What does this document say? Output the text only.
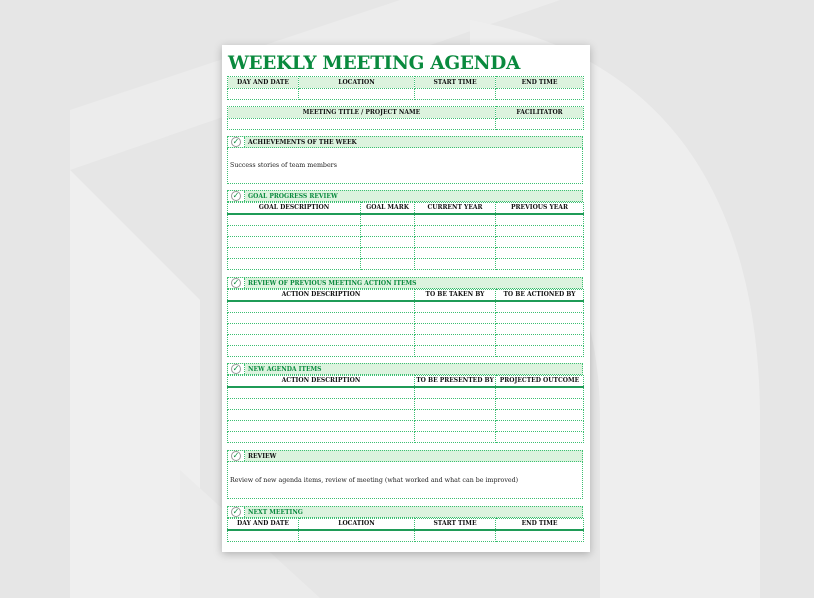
WEEKLY MEETING AGENDA
DAY AND DATE	LOCATION	START TIME	END TIME

MEETING TITLE / PROJECT NAME	FACILITATOR

✓	ACHIEVEMENTS OF THE WEEK
Success stories of team members
✓	GOAL PROGRESS REVIEW
GOAL DESCRIPTION	GOAL MARK	CURRENT YEAR	PREVIOUS YEAR

✓	REVIEW OF PREVIOUS MEETING ACTION ITEMS
ACTION DESCRIPTION	TO BE TAKEN BY	TO BE ACTIONED BY

✓	NEW AGENDA ITEMS
ACTION DESCRIPTION	TO BE PRESENTED BY	PROJECTED OUTCOME

✓	REVIEW
Review of new agenda items, review of meeting (what worked and what can be improved)
✓	NEXT MEETING
DAY AND DATE	LOCATION	START TIME	END TIME
